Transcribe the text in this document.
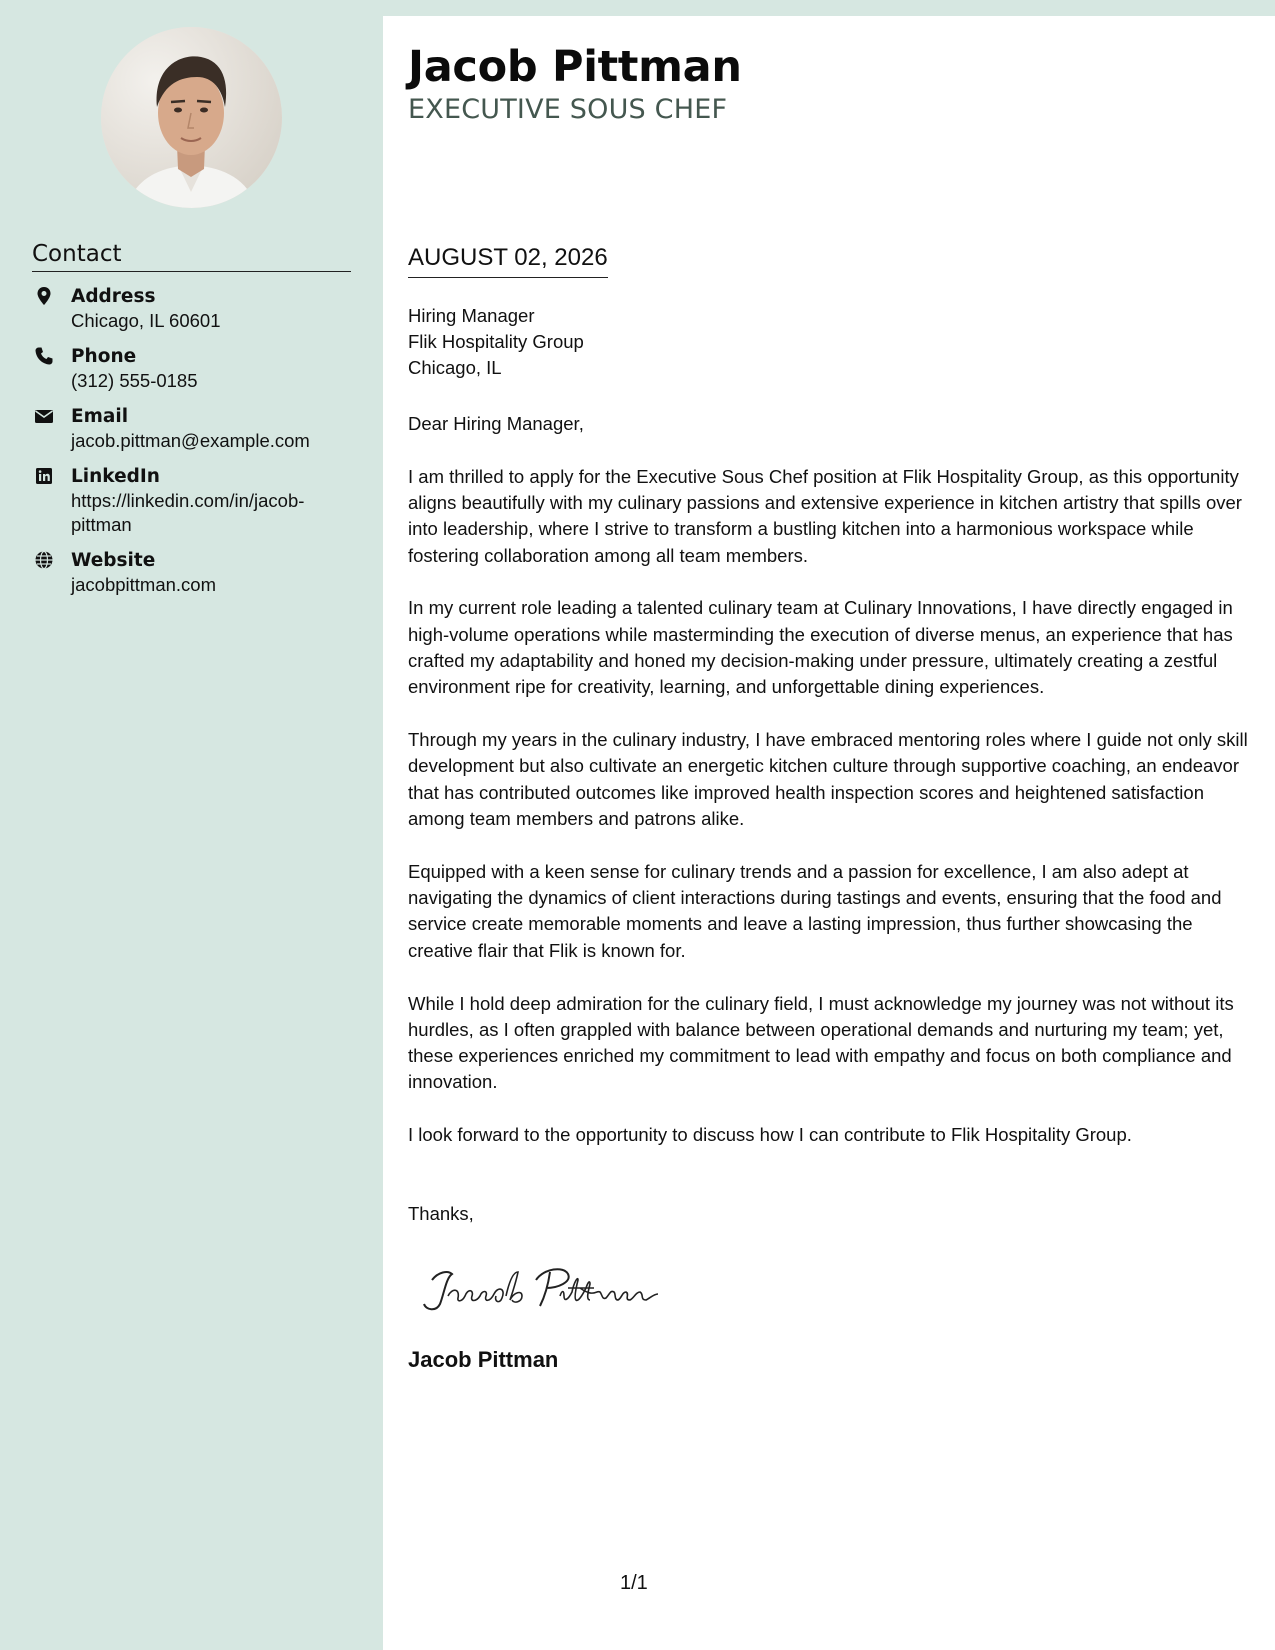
Contact
Address
Chicago, IL 60601
Phone
(312) 555-0185
Email
jacob.pittman@example.com
LinkedIn
https://linkedin.com/in/jacob-pittman
Website
jacobpittman.com
Jacob Pittman
EXECUTIVE SOUS CHEF
AUGUST 02, 2026
Hiring Manager
Flik Hospitality Group
Chicago, IL

Dear Hiring Manager,

I am thrilled to apply for the Executive Sous Chef position at Flik Hospitality Group, as this opportunity aligns beautifully with my culinary passions and extensive experience in kitchen artistry that spills over into leadership, where I strive to transform a bustling kitchen into a harmonious workspace while fostering collaboration among all team members.

In my current role leading a talented culinary team at Culinary Innovations, I have directly engaged in high-volume operations while masterminding the execution of diverse menus, an experience that has crafted my adaptability and honed my decision-making under pressure, ultimately creating a zestful environment ripe for creativity, learning, and unforgettable dining experiences.

Through my years in the culinary industry, I have embraced mentoring roles where I guide not only skill development but also cultivate an energetic kitchen culture through supportive coaching, an endeavor that has contributed outcomes like improved health inspection scores and heightened satisfaction among team members and patrons alike.

Equipped with a keen sense for culinary trends and a passion for excellence, I am also adept at navigating the dynamics of client interactions during tastings and events, ensuring that the food and service create memorable moments and leave a lasting impression, thus further showcasing the creative flair that Flik is known for.

While I hold deep admiration for the culinary field, I must acknowledge my journey was not without its hurdles, as I often grappled with balance between operational demands and nurturing my team; yet, these experiences enriched my commitment to lead with empathy and focus on both compliance and innovation.

I look forward to the opportunity to discuss how I can contribute to Flik Hospitality Group.

Thanks,
Jacob Pittman
1/1
